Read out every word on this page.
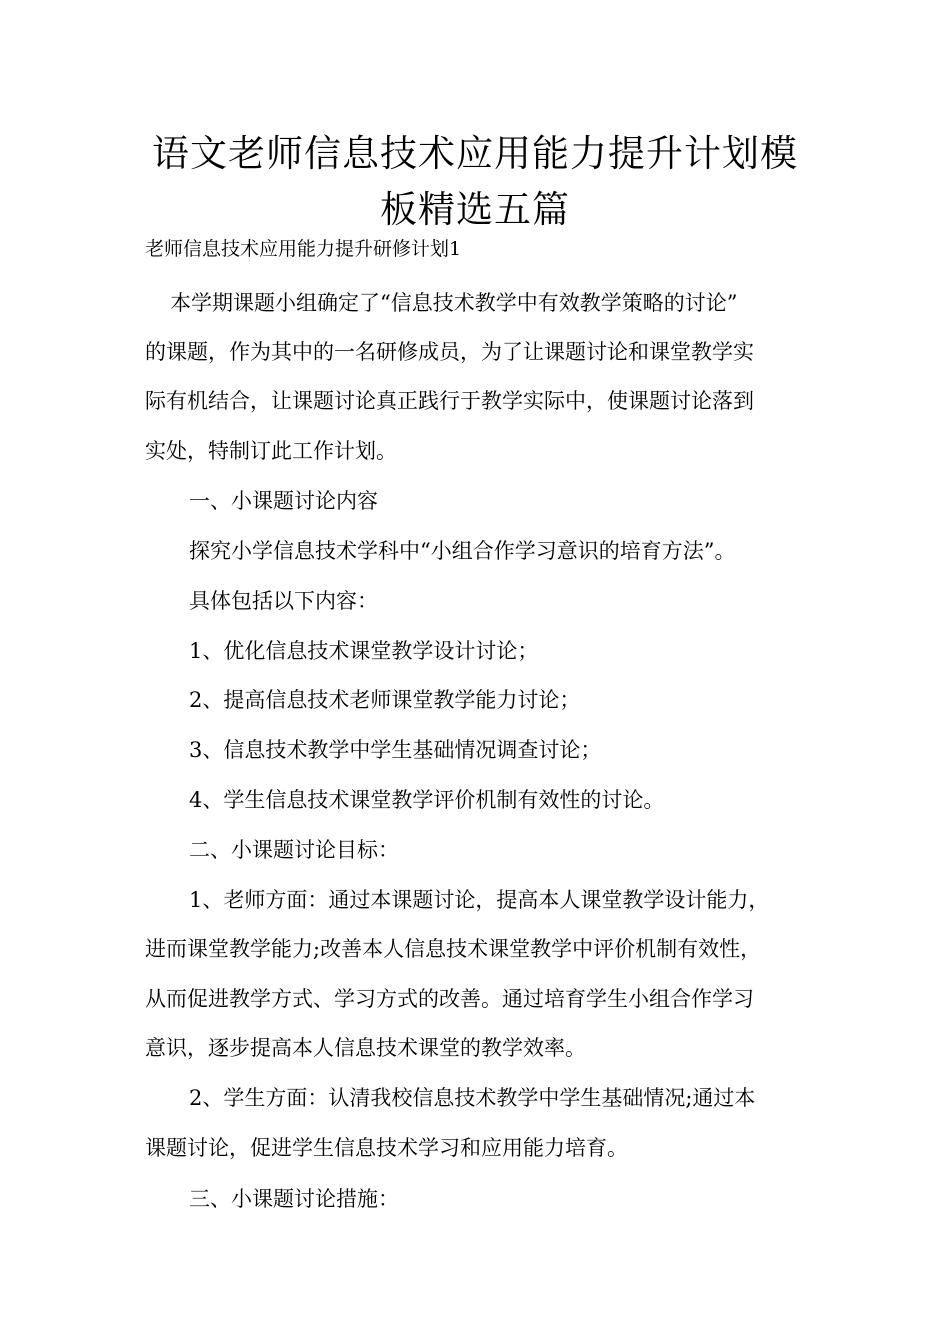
语文老师信息技术应用能力提升计划模
板精选五篇

老师信息技术应用能力提升研修计划1

本学期课题小组确定了“信息技术教学中有效教学策略的讨论”

的课题，作为其中的一名研修成员，为了让课题讨论和课堂教学实

际有机结合，让课题讨论真正践行于教学实际中，使课题讨论落到

实处，特制订此工作计划。

一、小课题讨论内容

探究小学信息技术学科中“小组合作学习意识的培育方法”。

具体包括以下内容：

1、优化信息技术课堂教学设计讨论；

2、提高信息技术老师课堂教学能力讨论；

3、信息技术教学中学生基础情况调查讨论；

4、学生信息技术课堂教学评价机制有效性的讨论。

二、小课题讨论目标：

1、老师方面：通过本课题讨论，提高本人课堂教学设计能力，

进而课堂教学能力;改善本人信息技术课堂教学中评价机制有效性，

从而促进教学方式、学习方式的改善。通过培育学生小组合作学习

意识，逐步提高本人信息技术课堂的教学效率。

2、学生方面：认清我校信息技术教学中学生基础情况;通过本

课题讨论，促进学生信息技术学习和应用能力培育。

三、小课题讨论措施：
